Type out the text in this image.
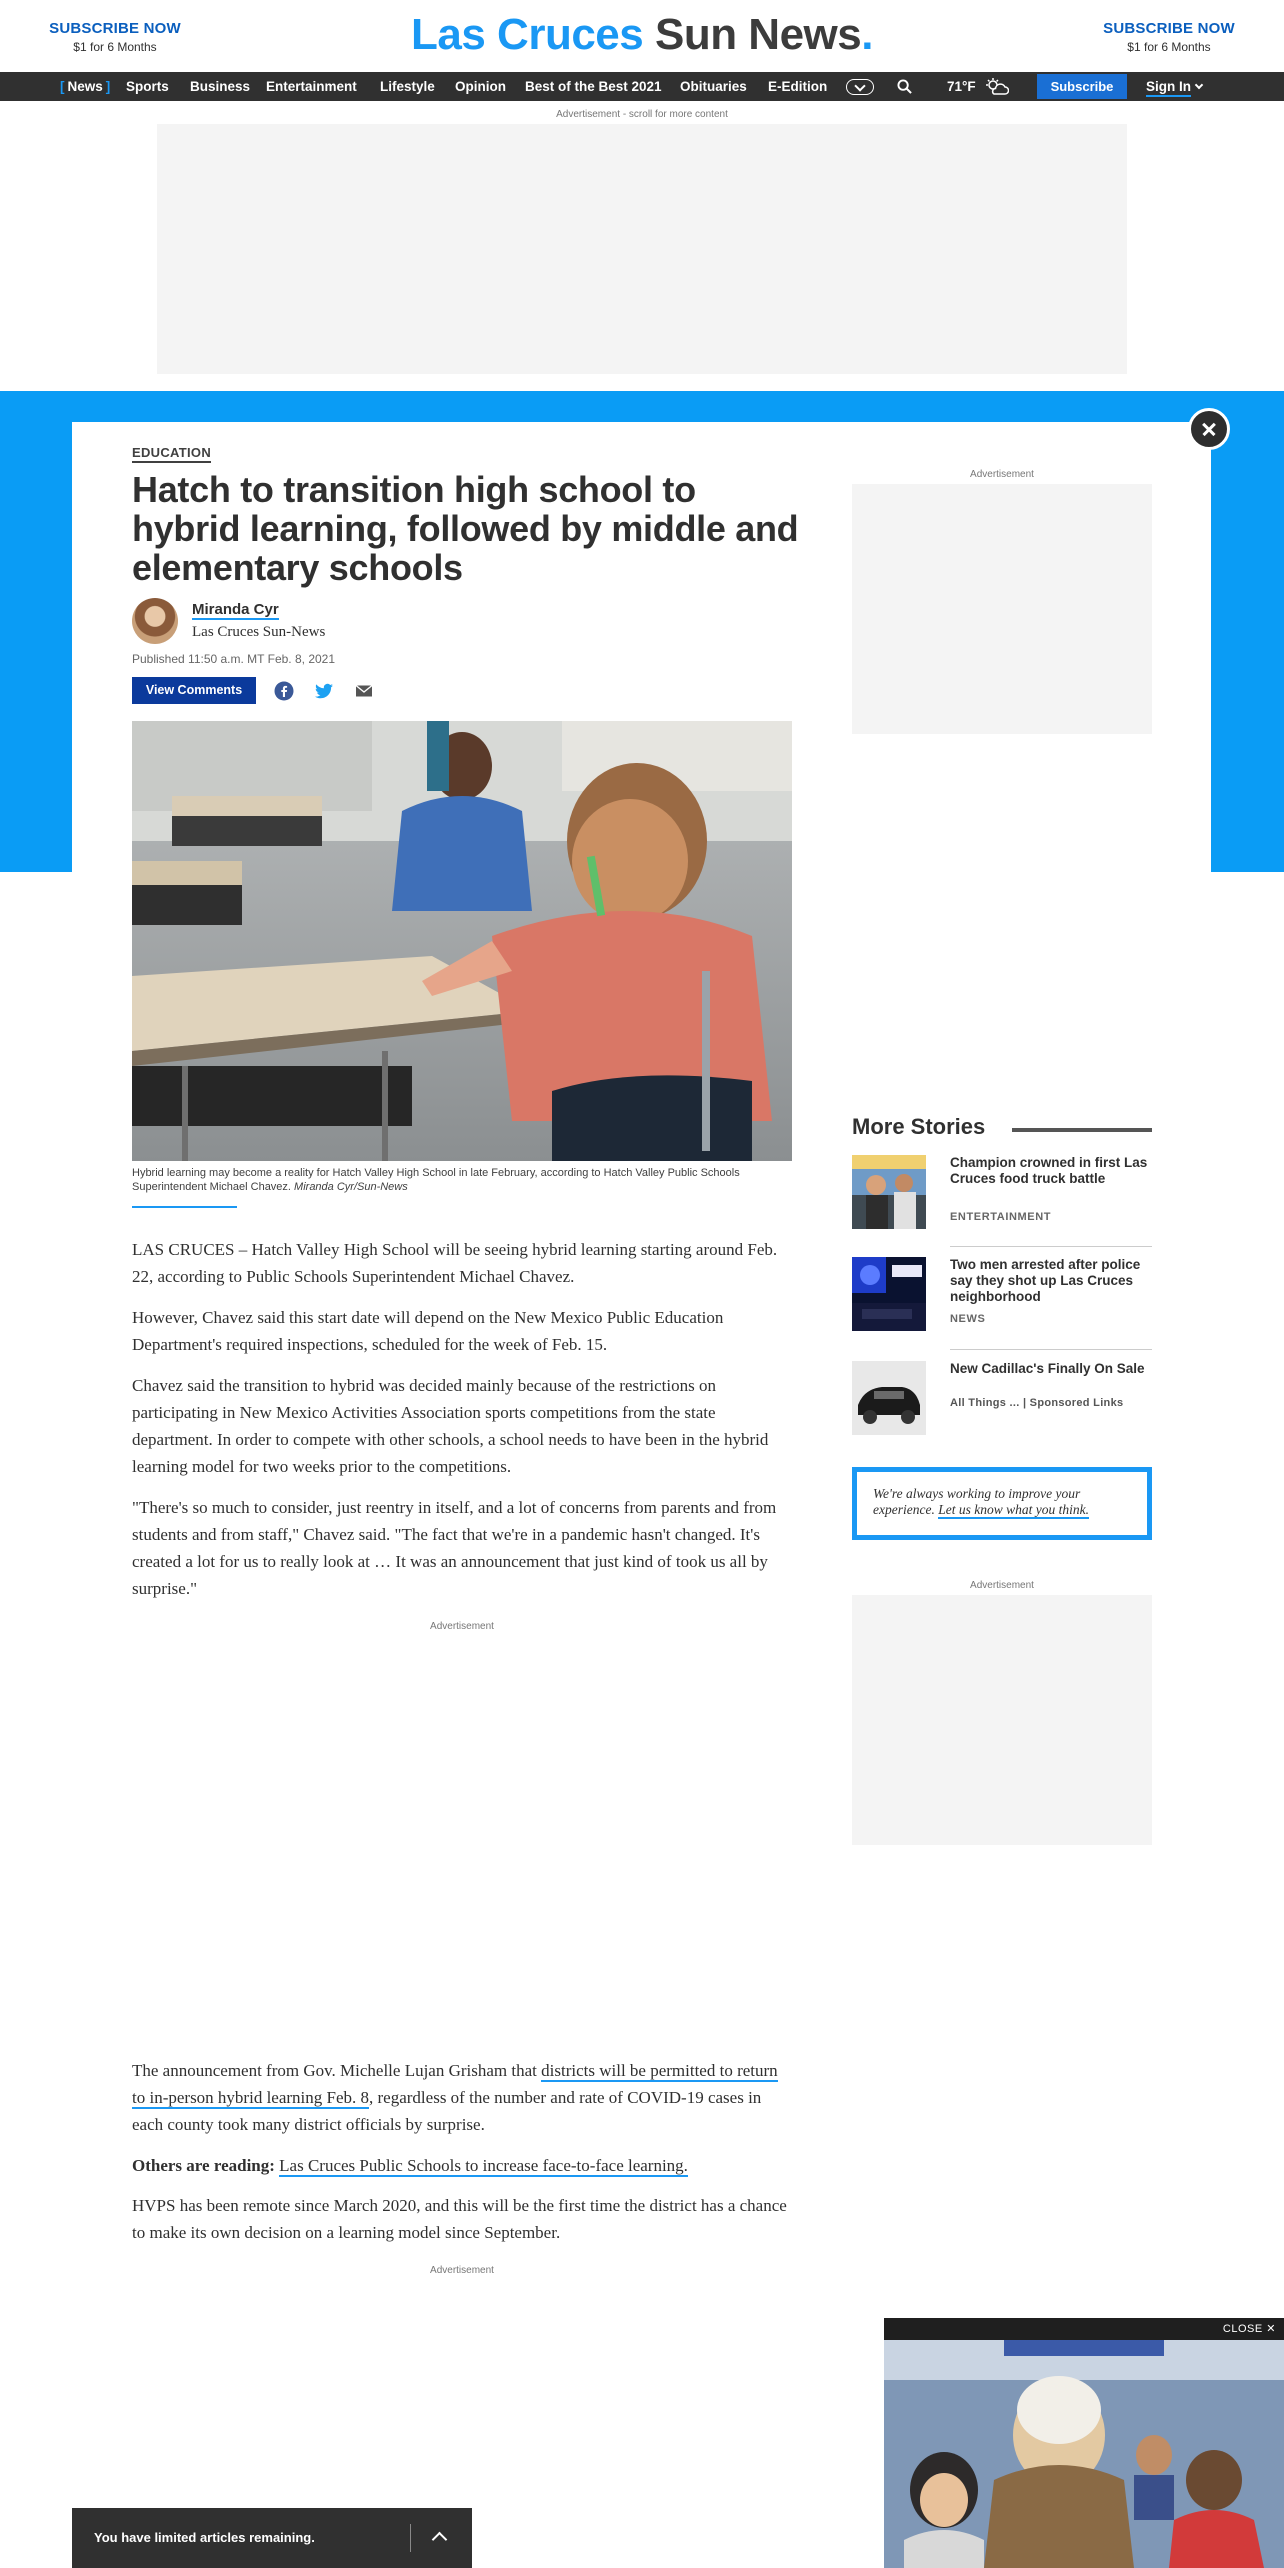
SUBSCRIBE NOW
$1 for 6 Months	Las Cruces Sun News.	SUBSCRIBE NOW
$1 for 6 Months
[ News ]	Sports Business Entertainment	Lifestyle Opinion Best of the Best 2021	Obituaries E-Edition	71°F	Subscribe	Sign In
Advertisement - scroll for more content
EDUCATION
Hatch to transition high school to hybrid learning, followed by middle and elementary schools
Miranda Cyr
Las Cruces Sun-News
Published 11:50 a.m. MT Feb. 8, 2021
View Comments
Hybrid learning may become a reality for Hatch Valley High School in late February, according to Hatch Valley Public Schools Superintendent Michael Chavez. Miranda Cyr/Sun-News

LAS CRUCES – Hatch Valley High School will be seeing hybrid learning starting around Feb. 22, according to Public Schools Superintendent Michael Chavez.

However, Chavez said this start date will depend on the New Mexico Public Education Department's required inspections, scheduled for the week of Feb. 15.

Chavez said the transition to hybrid was decided mainly because of the restrictions on participating in New Mexico Activities Association sports competitions from the state department. In order to compete with other schools, a school needs to have been in the hybrid learning model for two weeks prior to the competitions.

"There's so much to consider, just reentry in itself, and a lot of concerns from parents and from students and from staff," Chavez said. "The fact that we're in a pandemic hasn't changed. It's created a lot for us to really look at … It was an announcement that just kind of took us all by surprise."

Advertisement

The announcement from Gov. Michelle Lujan Grisham that districts will be permitted to return to in-person hybrid learning Feb. 8, regardless of the number and rate of COVID-19 cases in each county took many district officials by surprise.

Others are reading: Las Cruces Public Schools to increase face-to-face learning.

HVPS has been remote since March 2020, and this will be the first time the district has a chance to make its own decision on a learning model since September.

Advertisement
Advertisement
More Stories
Champion crowned in first Las Cruces food truck battle
ENTERTAINMENT
Two men arrested after police say they shot up Las Cruces neighborhood
NEWS
New Cadillac's Finally On Sale
All Things ... | Sponsored Links
We're always working to improve your experience. Let us know what you think.
Advertisement
CLOSE ✕
You have limited articles remaining.
